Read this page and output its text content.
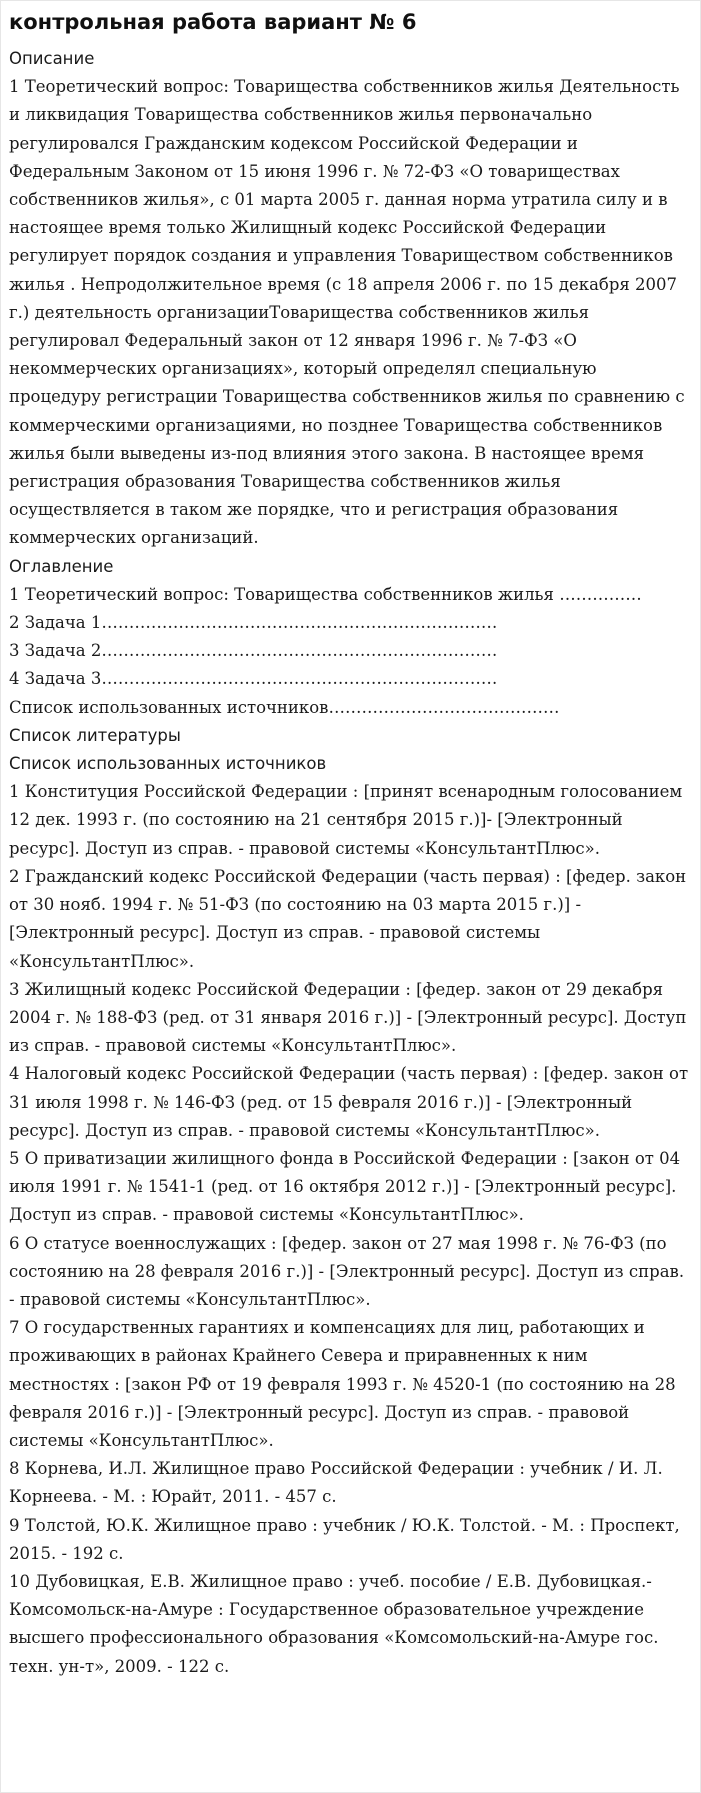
контрольная работа вариант № 6
Описание

1 Теоретический вопрос: Товарищества собственников жилья Деятельность и ликвидация Товарищества собственников жилья первоначально регулировался Гражданским кодексом Российской Федерации и Федеральным Законом от 15 июня 1996 г. № 72-ФЗ «О товариществах собственников жилья», с 01 марта 2005 г. данная норма утратила силу и в настоящее время только Жилищный кодекс Российской Федерации регулирует порядок создания и управления Товариществом собственников жилья . Непродолжительное время (с 18 апреля 2006 г. по 15 декабря 2007 г.) деятельность организацииТоварищества собственников жилья регулировал Федеральный закон от 12 января 1996 г. № 7-ФЗ «О некоммерческих организациях», который определял специальную процедуру регистрации Товарищества собственников жилья по сравнению с коммерческими организациями, но позднее Товарищества собственников жилья были выведены из-под влияния этого закона. В настоящее время регистрация образования Товарищества собственников жилья осуществляется в таком же порядке, что и регистрация образования коммерческих организаций.

Оглавление
1 Теоретический вопрос: Товарищества собственников жилья ……………
2 Задача 1………………………………………………………………
3 Задача 2………………………………………………………………
4 Задача 3………………………………………………………………
Список использованных источников……………………………………
Список литературы
Список использованных источников

1 Конституция Российской Федерации : [принят всенародным голосованием 12 дек. 1993 г. (по состоянию на 21 сентября 2015 г.)]- [Электронный ресурс]. Доступ из справ. - правовой системы «КонсультантПлюс».

2 Гражданский кодекс Российской Федерации (часть первая) : [федер. закон от 30 нояб. 1994 г. № 51-ФЗ (по состоянию на 03 марта 2015 г.)] - [Электронный ресурс]. Доступ из справ. - правовой системы «КонсультантПлюс».

3 Жилищный кодекс Российской Федерации : [федер. закон от 29 декабря 2004 г. № 188-ФЗ (ред. от 31 января 2016 г.)] - [Электронный ресурс]. Доступ из справ. - правовой системы «КонсультантПлюс».

4 Налоговый кодекс Российской Федерации (часть первая) : [федер. закон от 31 июля 1998 г. № 146-ФЗ (ред. от 15 февраля 2016 г.)] - [Электронный ресурс]. Доступ из справ. - правовой системы «КонсультантПлюс».

5 О приватизации жилищного фонда в Российской Федерации : [закон от 04 июля 1991 г. № 1541-1 (ред. от 16 октября 2012 г.)] - [Электронный ресурс]. Доступ из справ. - правовой системы «КонсультантПлюс».

6 О статусе военнослужащих : [федер. закон от 27 мая 1998 г. № 76-ФЗ (по состоянию на 28 февраля 2016 г.)] - [Электронный ресурс]. Доступ из справ. - правовой системы «КонсультантПлюс».

7 О государственных гарантиях и компенсациях для лиц, работающих и проживающих в районах Крайнего Севера и приравненных к ним местностях : [закон РФ от 19 февраля 1993 г. № 4520-1 (по состоянию на 28 февраля 2016 г.)] - [Электронный ресурс]. Доступ из справ. - правовой системы «КонсультантПлюс».

8 Корнева, И.Л. Жилищное право Российской Федерации : учебник / И. Л. Корнеева. - М. : Юрайт, 2011. - 457 с.

9 Толстой, Ю.К. Жилищное право : учебник / Ю.К. Толстой. - М. : Проспект, 2015. - 192 с.

10 Дубовицкая, Е.В. Жилищное право : учеб. пособие / Е.В. Дубовицкая.- Комсомольск-на-Амуре : Государственное образовательное учреждение высшего профессионального образования «Комсомольский-на-Амуре гос. техн. ун-т», 2009. - 122 с.
